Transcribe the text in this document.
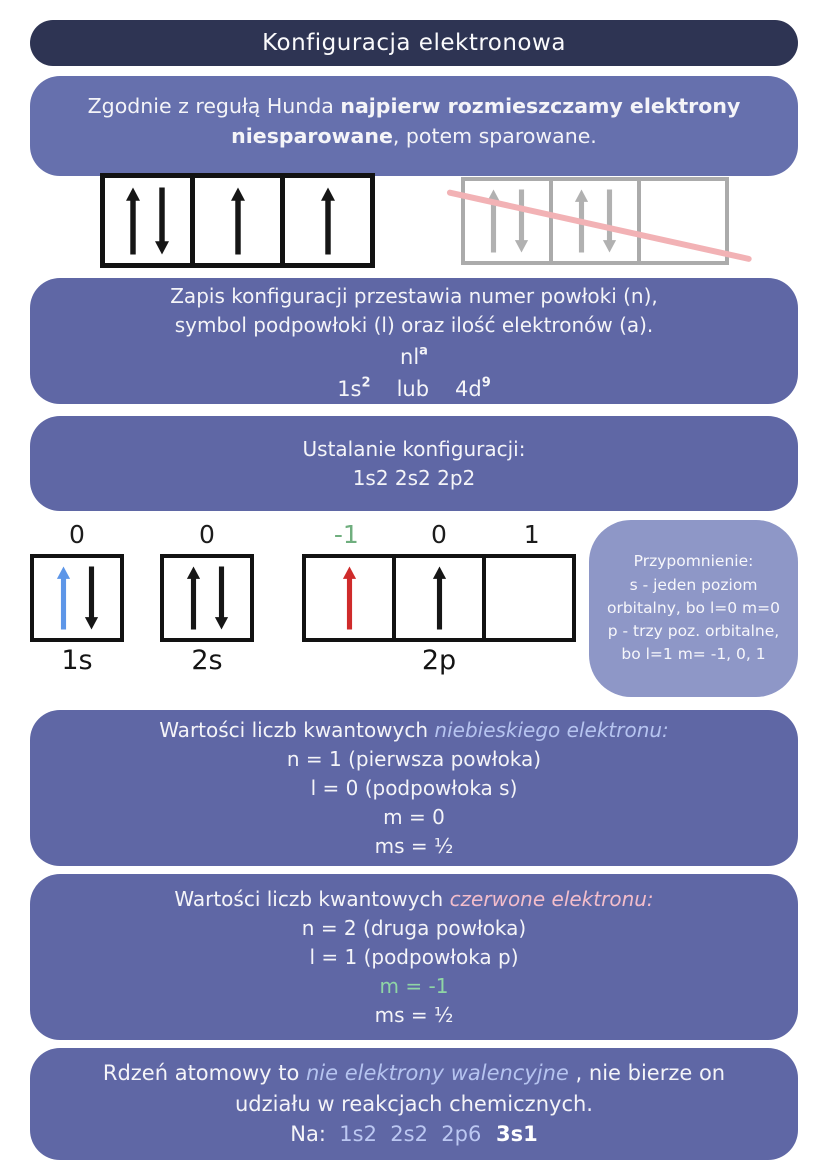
Konfiguracja elektronowa
Zgodnie z regułą Hunda najpierw rozmieszczamy elektrony niesparowane, potem sparowane.
Zapis konfiguracji przestawia numer powłoki (n),
symbol podpowłoki (l) oraz ilość elektronów (a).
$nl^a$
$1s^2$ lub $4d^9$
Ustalanie konfiguracji:
1s2 2s2 2p2
0
1s
0
2s
-1	0	1
2p
Przypomnienie:
s - jeden poziom
orbitalny, bo l=0 m=0
p - trzy poz. orbitalne,
bo l=1 m= -1, 0, 1
Wartości liczb kwantowych niebieskiego elektronu:
n = 1 (pierwsza powłoka)
l = 0 (podpowłoka s)
m = 0
ms = ½
Wartości liczb kwantowych czerwone elektronu:
n = 2 (druga powłoka)
l = 1 (podpowłoka p)
m = -1
ms = ½
Rdzeń atomowy to nie elektrony walencyjne , nie bierze on
udziału w reakcjach chemicznych.
Na:  1s2  2s2  2p6  3s1
